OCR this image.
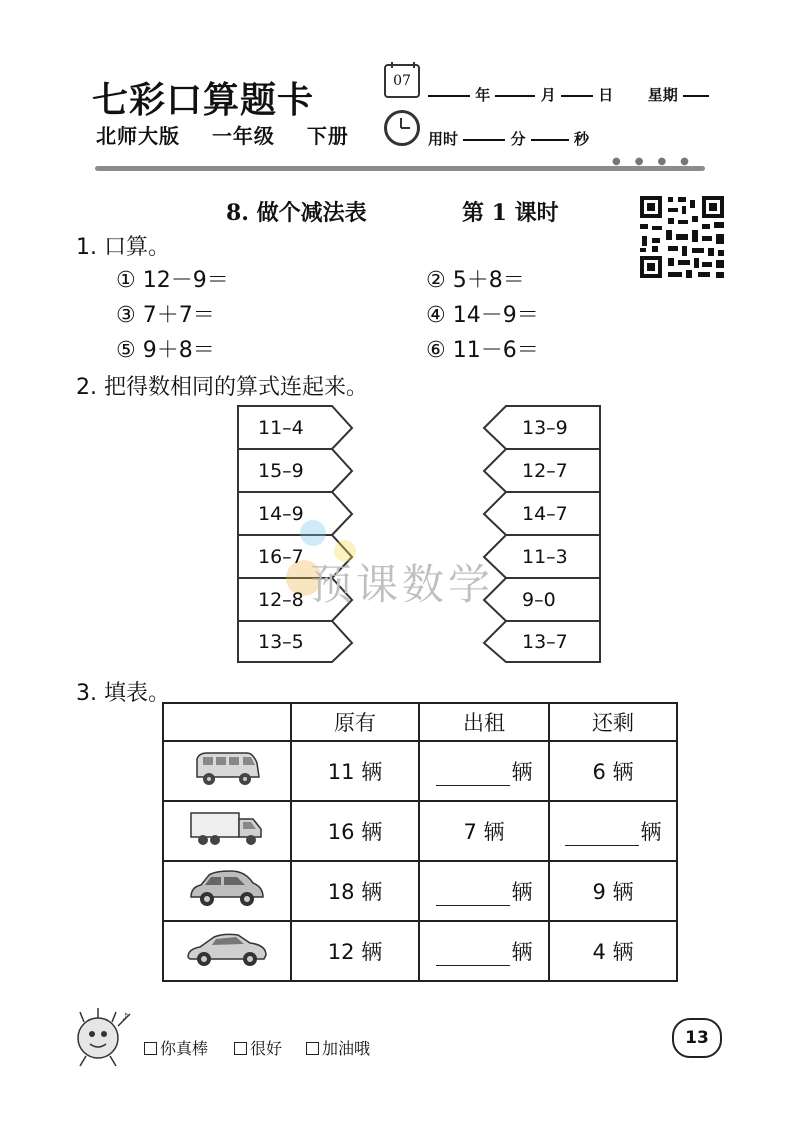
七彩口算题卡	07
年	月	日 星期
北师大版 一年级 下册	用时	分	秒
●●●●
8. 做个减法表	第 1 课时
1. 口算。
① 12－9＝	② 5＋8＝
③ 7＋7＝	④ 14－9＝
⑤ 9＋8＝	⑥ 11－6＝
2. 把得数相同的算式连起来。
11–4
15–9
14–9
16–7
12–8
13–5
13–9
12–7
14–7
11–3
9–0
13–7
预课数学
3. 填表。
	原有	出租	还剩
	11 辆	辆	6 辆
	16 辆	7 辆	辆
	18 辆	辆	9 辆
	12 辆	辆	4 辆
♪
你真棒	很好	加油哦
13
